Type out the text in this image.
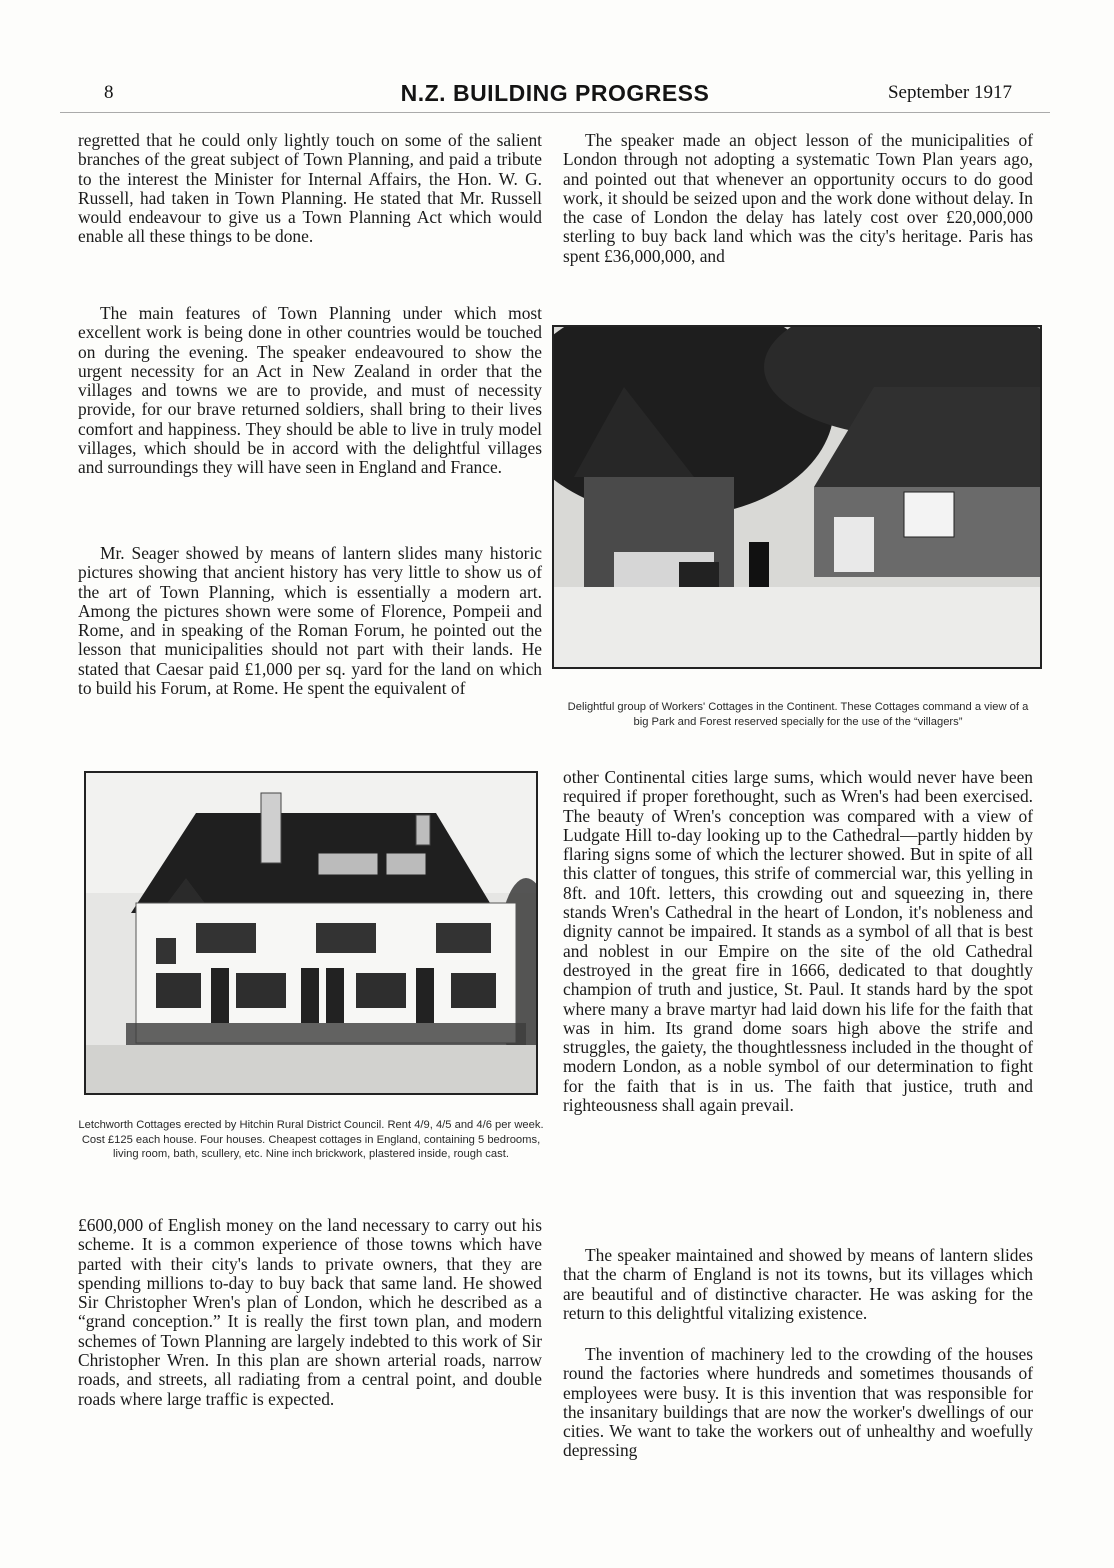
8	N.Z. BUILDING PROGRESS	September 1917

regretted that he could only lightly touch on some of the salient branches of the great subject of Town Planning, and paid a tribute to the interest the Minister for Internal Affairs, the Hon. W. G. Russell, had taken in Town Planning. He stated that Mr. Russell would endeavour to give us a Town Planning Act which would enable all these things to be done.

The main features of Town Planning under which most excellent work is being done in other countries would be touched on during the evening. The speaker endeavoured to show the urgent necessity for an Act in New Zealand in order that the villages and towns we are to provide, and must of necessity provide, for our brave returned soldiers, shall bring to their lives comfort and happiness. They should be able to live in truly model villages, which should be in accord with the delightful villages and surroundings they will have seen in England and France.

Mr. Seager showed by means of lantern slides many historic pictures showing that ancient history has very little to show us of the art of Town Planning, which is essentially a modern art. Among the pictures shown were some of Florence, Pompeii and Rome, and in speaking of the Roman Forum, he pointed out the lesson that municipalities should not part with their lands. He stated that Caesar paid £1,000 per sq. yard for the land on which to build his Forum, at Rome. He spent the equivalent of

Letchworth Cottages erected by Hitchin Rural District Council. Rent 4/9, 4/5 and 4/6 per week. Cost £125 each house. Four houses. Cheapest cottages in England, containing 5 bedrooms, living room, bath, scullery, etc. Nine inch brickwork, plastered inside, rough cast.

£600,000 of English money on the land necessary to carry out his scheme. It is a common experience of those towns which have parted with their city's lands to private owners, that they are spending millions to-day to buy back that same land. He showed Sir Christopher Wren's plan of London, which he described as a “grand conception.” It is really the first town plan, and modern schemes of Town Planning are largely indebted to this work of Sir Christopher Wren. In this plan are shown arterial roads, narrow roads, and streets, all radiating from a central point, and double roads where large traffic is expected.

The speaker made an object lesson of the municipalities of London through not adopting a systematic Town Plan years ago, and pointed out that whenever an opportunity occurs to do good work, it should be seized upon and the work done without delay. In the case of London the delay has lately cost over £20,000,000 sterling to buy back land which was the city's heritage. Paris has spent £36,000,000, and

Delightful group of Workers' Cottages in the Continent. These Cottages command a view of a big Park and Forest reserved specially for the use of the “villagers”

other Continental cities large sums, which would never have been required if proper forethought, such as Wren's had been exercised. The beauty of Wren's conception was compared with a view of Ludgate Hill to-day looking up to the Cathedral—partly hidden by flaring signs some of which the lecturer showed. But in spite of all this clatter of tongues, this strife of commercial war, this yelling in 8ft. and 10ft. letters, this crowding out and squeezing in, there stands Wren's Cathedral in the heart of London, it's nobleness and dignity cannot be impaired. It stands as a symbol of all that is best and noblest in our Empire on the site of the old Cathedral destroyed in the great fire in 1666, dedicated to that doughtly champion of truth and justice, St. Paul. It stands hard by the spot where many a brave martyr had laid down his life for the faith that was in him. Its grand dome soars high above the strife and struggles, the gaiety, the thoughtlessness included in the thought of modern London, as a noble symbol of our determination to fight for the faith that is in us. The faith that justice, truth and righteousness shall again prevail.

The speaker maintained and showed by means of lantern slides that the charm of England is not its towns, but its villages which are beautiful and of distinctive character. He was asking for the return to this delightful vitalizing existence.

The invention of machinery led to the crowding of the houses round the factories where hundreds and sometimes thousands of employees were busy. It is this invention that was responsible for the insanitary buildings that are now the worker's dwellings of our cities. We want to take the workers out of unhealthy and woefully depressing
